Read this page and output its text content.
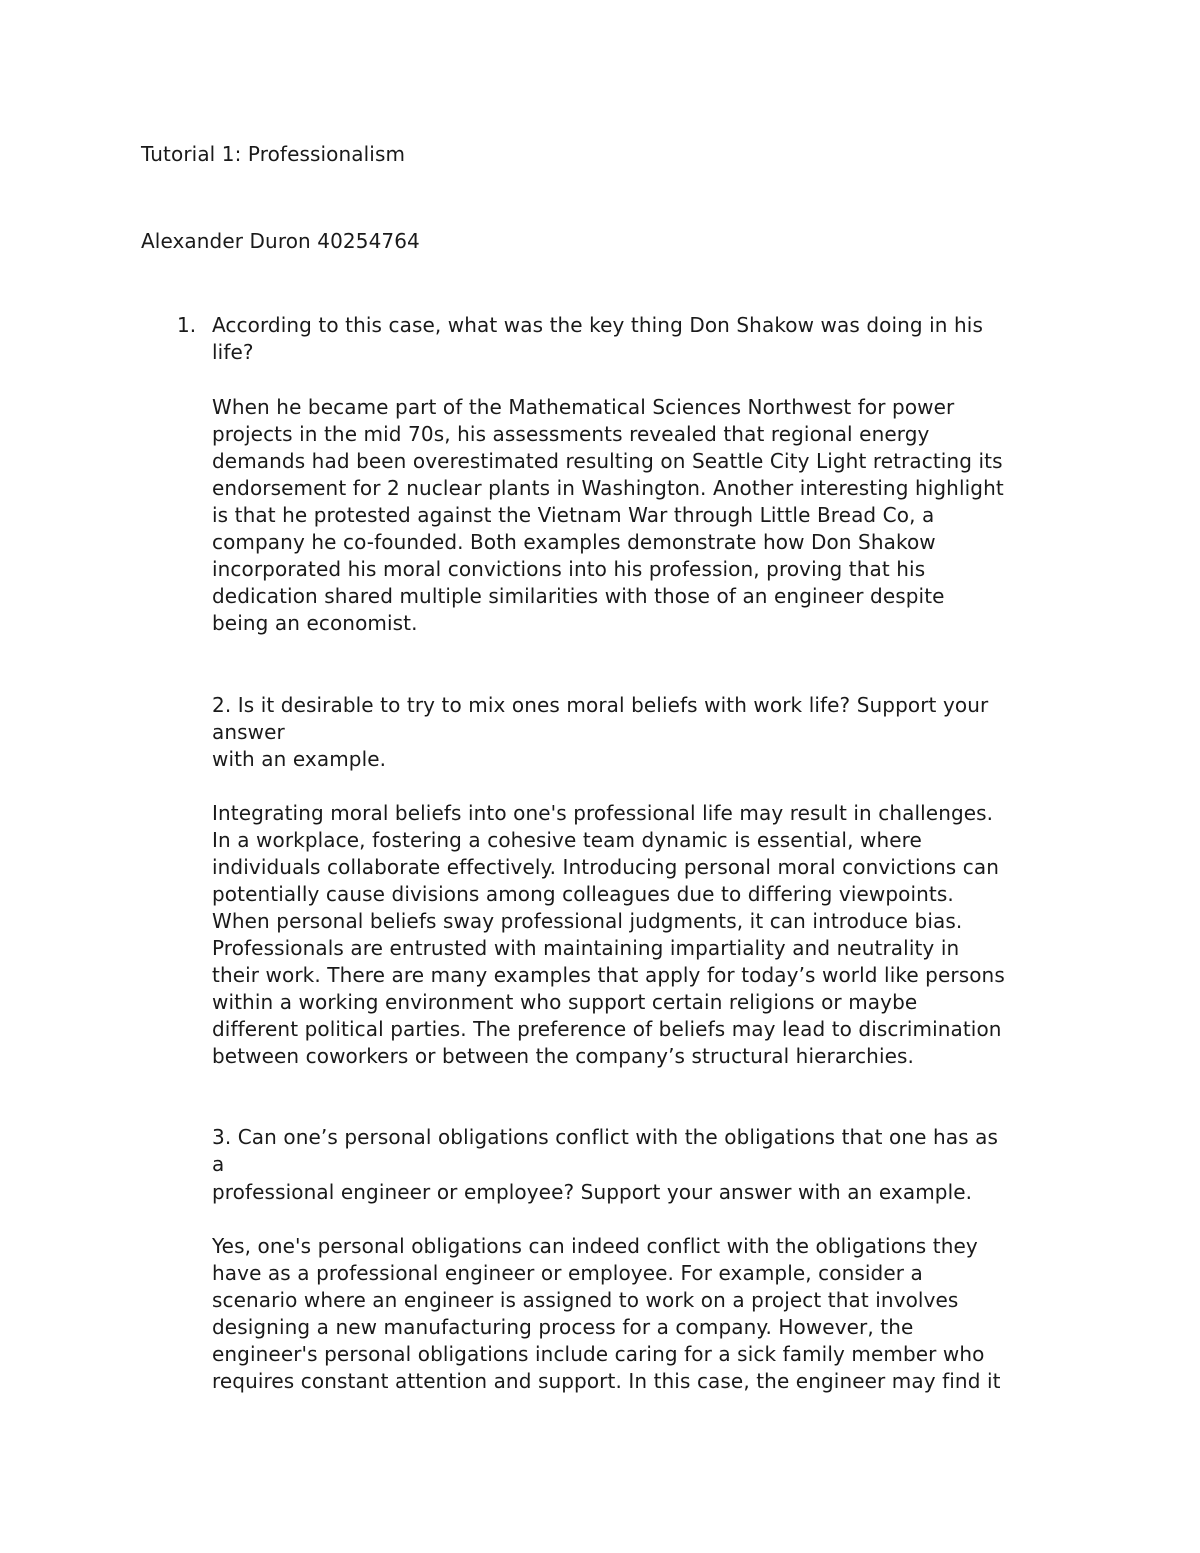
Tutorial 1: Professionalism
Alexander Duron 40254764
1. According to this case, what was the key thing Don Shakow was doing in his
life?
When he became part of the Mathematical Sciences Northwest for power
projects in the mid 70s, his assessments revealed that regional energy
demands had been overestimated resulting on Seattle City Light retracting its
endorsement for 2 nuclear plants in Washington. Another interesting highlight
is that he protested against the Vietnam War through Little Bread Co, a
company he co-founded. Both examples demonstrate how Don Shakow
incorporated his moral convictions into his profession, proving that his
dedication shared multiple similarities with those of an engineer despite
being an economist.
2. Is it desirable to try to mix ones moral beliefs with work life? Support your
answer
with an example.
Integrating moral beliefs into one's professional life may result in challenges.
In a workplace, fostering a cohesive team dynamic is essential, where
individuals collaborate effectively. Introducing personal moral convictions can
potentially cause divisions among colleagues due to differing viewpoints.
When personal beliefs sway professional judgments, it can introduce bias.
Professionals are entrusted with maintaining impartiality and neutrality in
their work. There are many examples that apply for today’s world like persons
within a working environment who support certain religions or maybe
different political parties. The preference of beliefs may lead to discrimination
between coworkers or between the company’s structural hierarchies.
3. Can one’s personal obligations conflict with the obligations that one has as
a
professional engineer or employee? Support your answer with an example.
Yes, one's personal obligations can indeed conflict with the obligations they
have as a professional engineer or employee. For example, consider a
scenario where an engineer is assigned to work on a project that involves
designing a new manufacturing process for a company. However, the
engineer's personal obligations include caring for a sick family member who
requires constant attention and support. In this case, the engineer may find it
